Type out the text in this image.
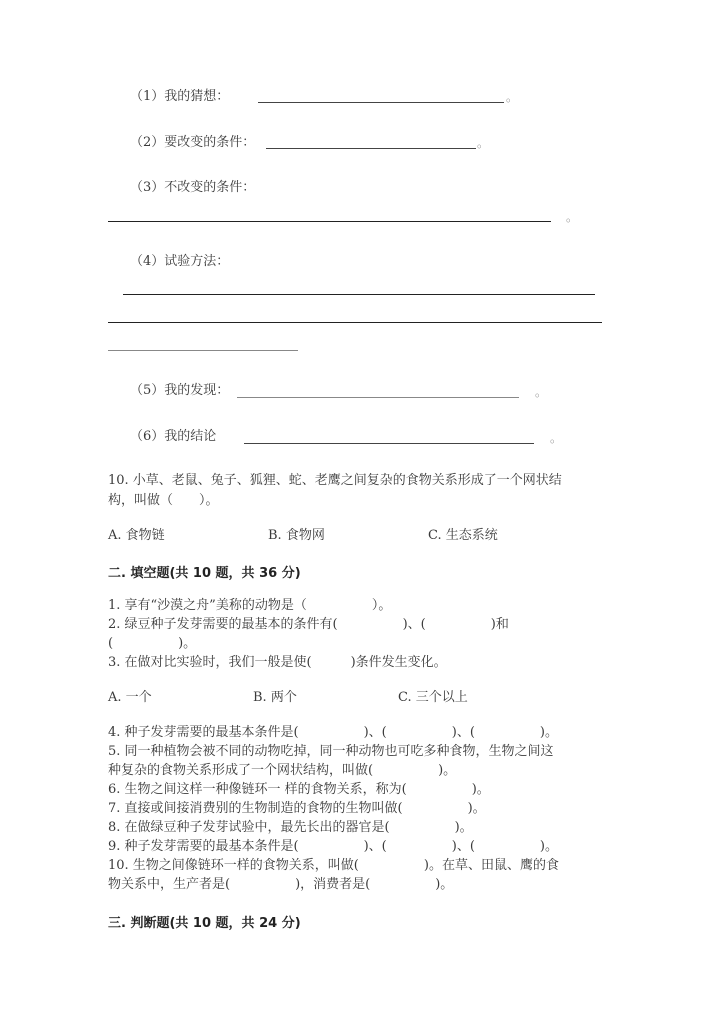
（1）我的猜想：	。
（2）要改变的条件：	。
（3）不改变的条件：
。
（4）试验方法：
（5）我的发现：	。
（6）我的结论	。
10. 小草、老鼠、兔子、狐狸、蛇、老鹰之间复杂的食物关系形成了一个网状结
构，叫做（　　）。
A. 食物链	B. 食物网	C. 生态系统
二. 填空题(共 10 题，共 36 分)
1. 享有“沙漠之舟”美称的动物是（　　　　　）。
2. 绿豆种子发芽需要的最基本的条件有(　　　　　)、(　　　　　)和
(　　　　　)。
3. 在做对比实验时，我们一般是使(　　　)条件发生变化。
A. 一个	B. 两个	C. 三个以上
4. 种子发芽需要的最基本条件是(　　　　　)、(　　　　　)、(　　　　　)。
5. 同一种植物会被不同的动物吃掉，同一种动物也可吃多种食物，生物之间这
种复杂的食物关系形成了一个网状结构，叫做(　　　　　)。
6. 生物之间这样一种像链环一 样的食物关系，称为(　　　　　)。
7. 直接或间接消费别的生物制造的食物的生物叫做(　　　　　)。
8. 在做绿豆种子发芽试验中，最先长出的器官是(　　　　　)。
9. 种子发芽需要的最基本条件是(　　　　　)、(　　　　　)、(　　　　　)。
10. 生物之间像链环一样的食物关系，叫做(　　　　　)。在草、田鼠、鹰的食
物关系中，生产者是(　　　　　)，消费者是(　　　　　)。
三. 判断题(共 10 题，共 24 分)
